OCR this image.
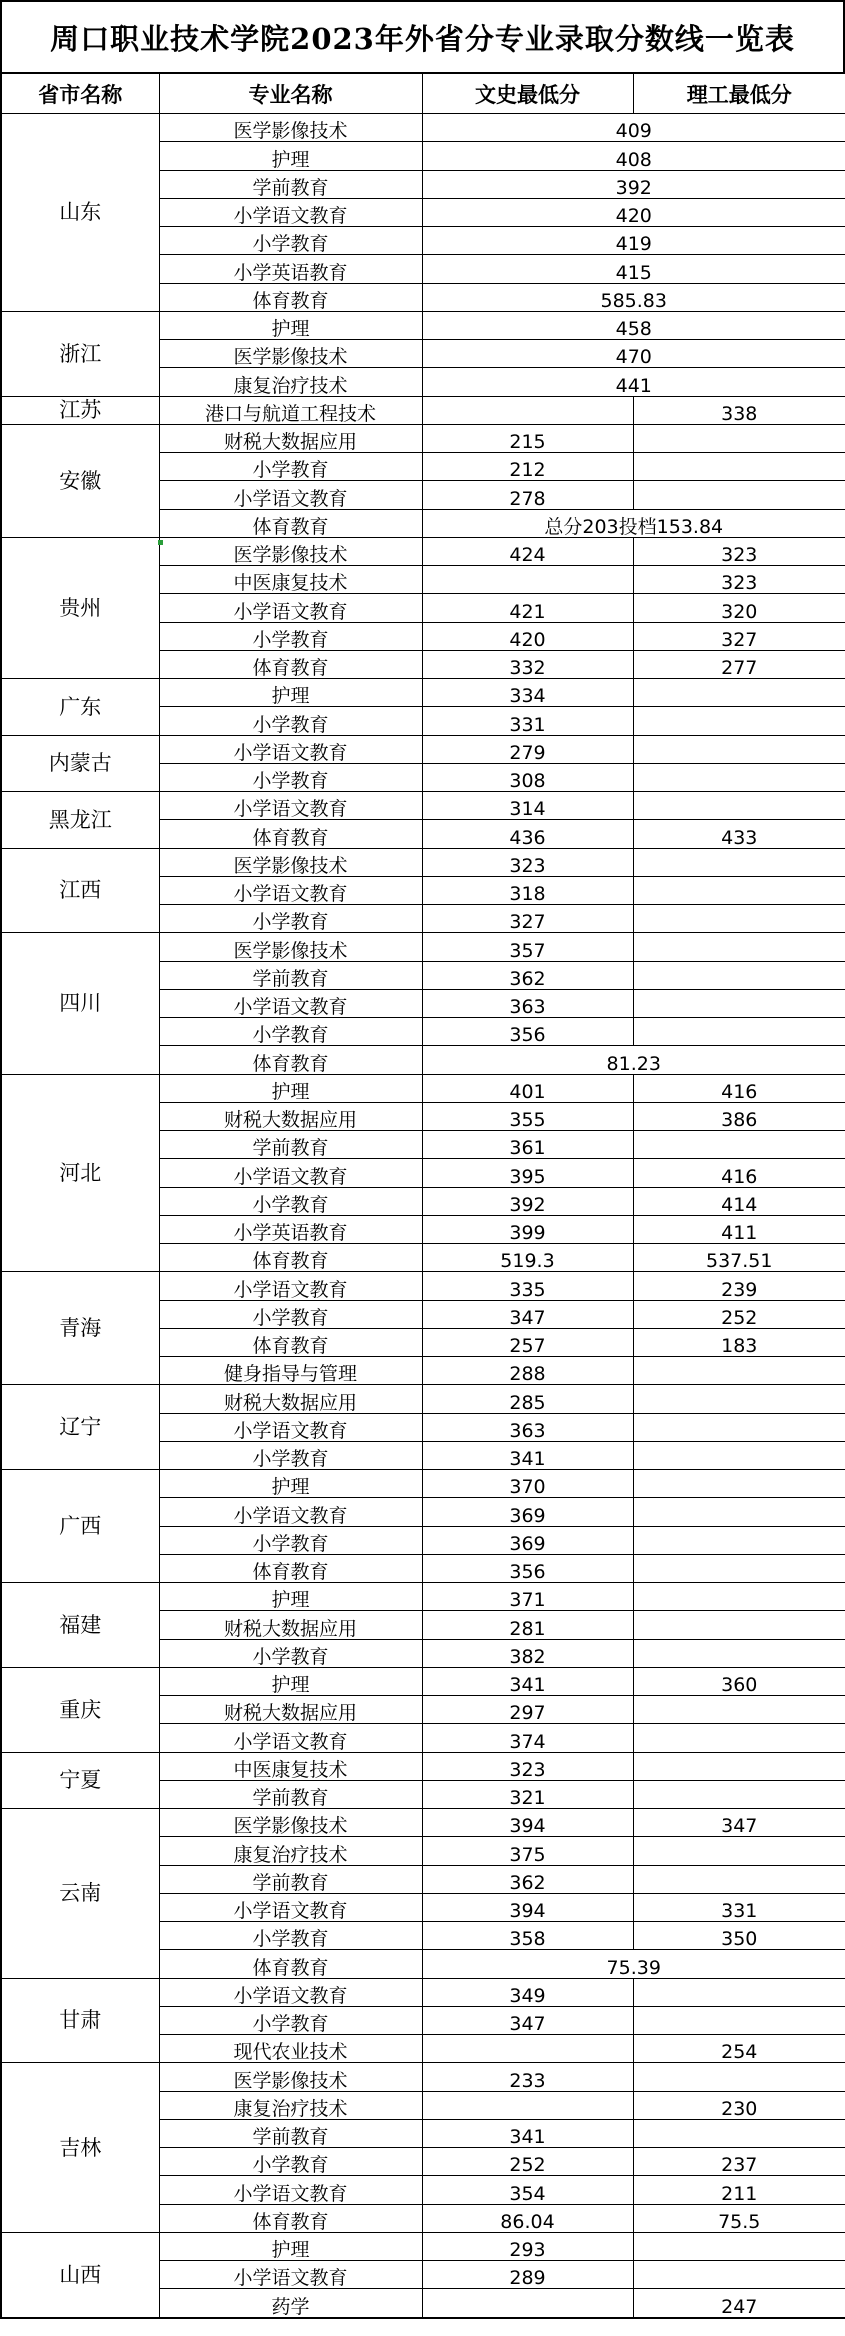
周口职业技术学院2023年外省分专业录取分数线一览表
省市名称	专业名称	文史最低分	理工最低分
山东	医学影像技术	409	
	护理	408	
	学前教育	392	
	小学语文教育	420	
	小学教育	419	
	小学英语教育	415	
	体育教育	585.83	
浙江	护理	458	
	医学影像技术	470	
	康复治疗技术	441	
江苏	港口与航道工程技术		338
安徽	财税大数据应用	215	
	小学教育	212	
	小学语文教育	278	
	体育教育	总分203投档153.84	
贵州	医学影像技术	424	323
	中医康复技术		323
	小学语文教育	421	320
	小学教育	420	327
	体育教育	332	277
广东	护理	334	
	小学教育	331	
内蒙古	小学语文教育	279	
	小学教育	308	
黑龙江	小学语文教育	314	
	体育教育	436	433
江西	医学影像技术	323	
	小学语文教育	318	
	小学教育	327	
四川	医学影像技术	357	
	学前教育	362	
	小学语文教育	363	
	小学教育	356	
	体育教育	81.23	
河北	护理	401	416
	财税大数据应用	355	386
	学前教育	361	
	小学语文教育	395	416
	小学教育	392	414
	小学英语教育	399	411
	体育教育	519.3	537.51
青海	小学语文教育	335	239
	小学教育	347	252
	体育教育	257	183
	健身指导与管理	288	
辽宁	财税大数据应用	285	
	小学语文教育	363	
	小学教育	341	
广西	护理	370	
	小学语文教育	369	
	小学教育	369	
	体育教育	356	
福建	护理	371	
	财税大数据应用	281	
	小学教育	382	
重庆	护理	341	360
	财税大数据应用	297	
	小学语文教育	374	
宁夏	中医康复技术	323	
	学前教育	321	
云南	医学影像技术	394	347
	康复治疗技术	375	
	学前教育	362	
	小学语文教育	394	331
	小学教育	358	350
	体育教育	75.39	
甘肃	小学语文教育	349	
	小学教育	347	
	现代农业技术		254
吉林	医学影像技术	233	
	康复治疗技术		230
	学前教育	341	
	小学教育	252	237
	小学语文教育	354	211
	体育教育	86.04	75.5
山西	护理	293	
	小学语文教育	289	
	药学		247
